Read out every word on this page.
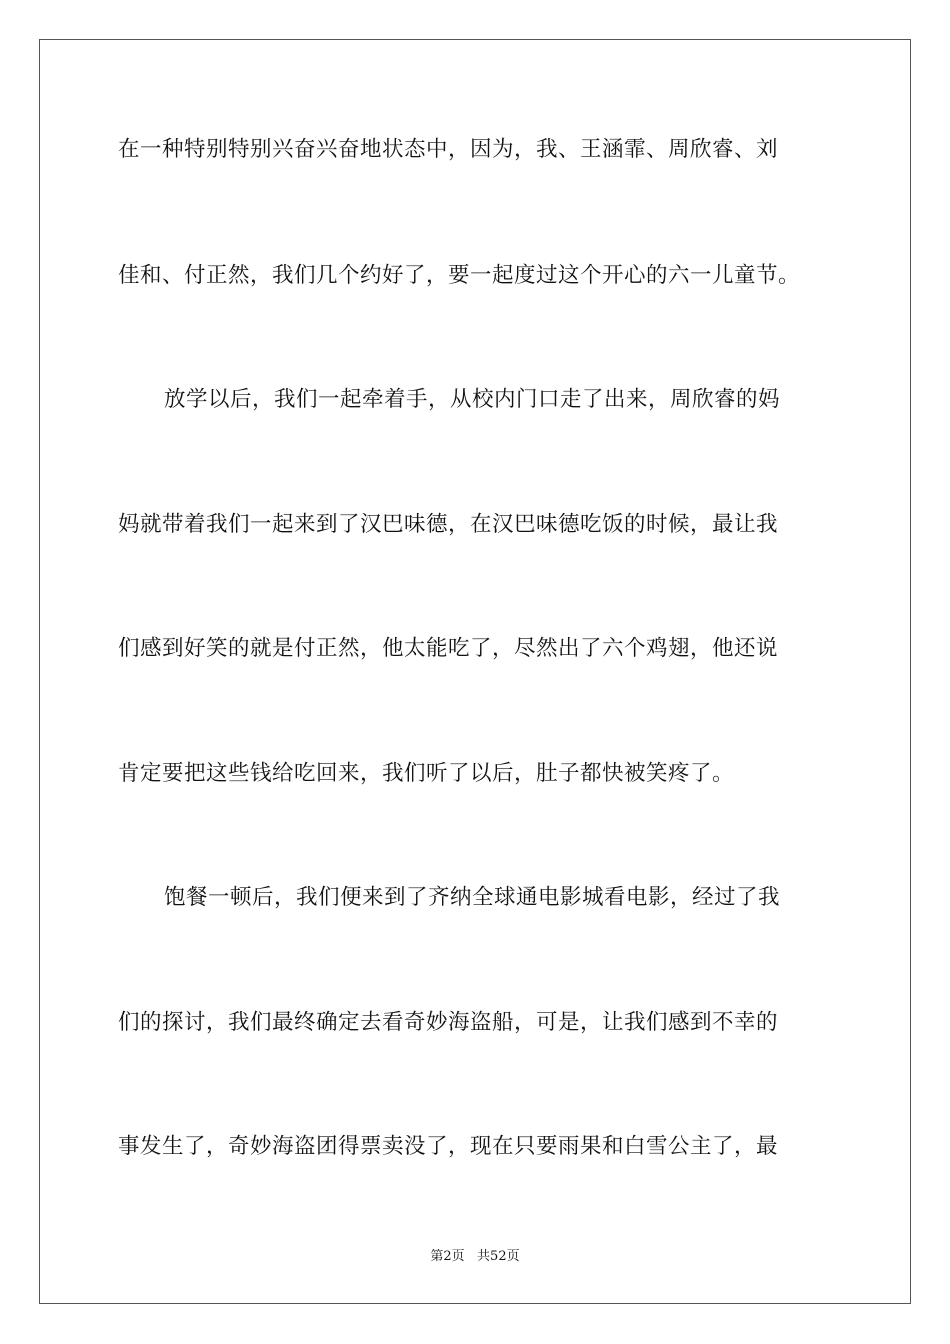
在一种特别特别兴奋兴奋地状态中，因为，我、王涵霏、周欣睿、刘
佳和、付正然，我们几个约好了，要一起度过这个开心的六一儿童节。
放学以后，我们一起牵着手，从校内门口走了出来，周欣睿的妈
妈就带着我们一起来到了汉巴味德，在汉巴味德吃饭的时候，最让我
们感到好笑的就是付正然，他太能吃了，尽然出了六个鸡翅，他还说
肯定要把这些钱给吃回来，我们听了以后，肚子都快被笑疼了。
饱餐一顿后，我们便来到了齐纳全球通电影城看电影，经过了我
们的探讨，我们最终确定去看奇妙海盗船，可是，让我们感到不幸的
事发生了，奇妙海盗团得票卖没了，现在只要雨果和白雪公主了，最
第2页   共52页
